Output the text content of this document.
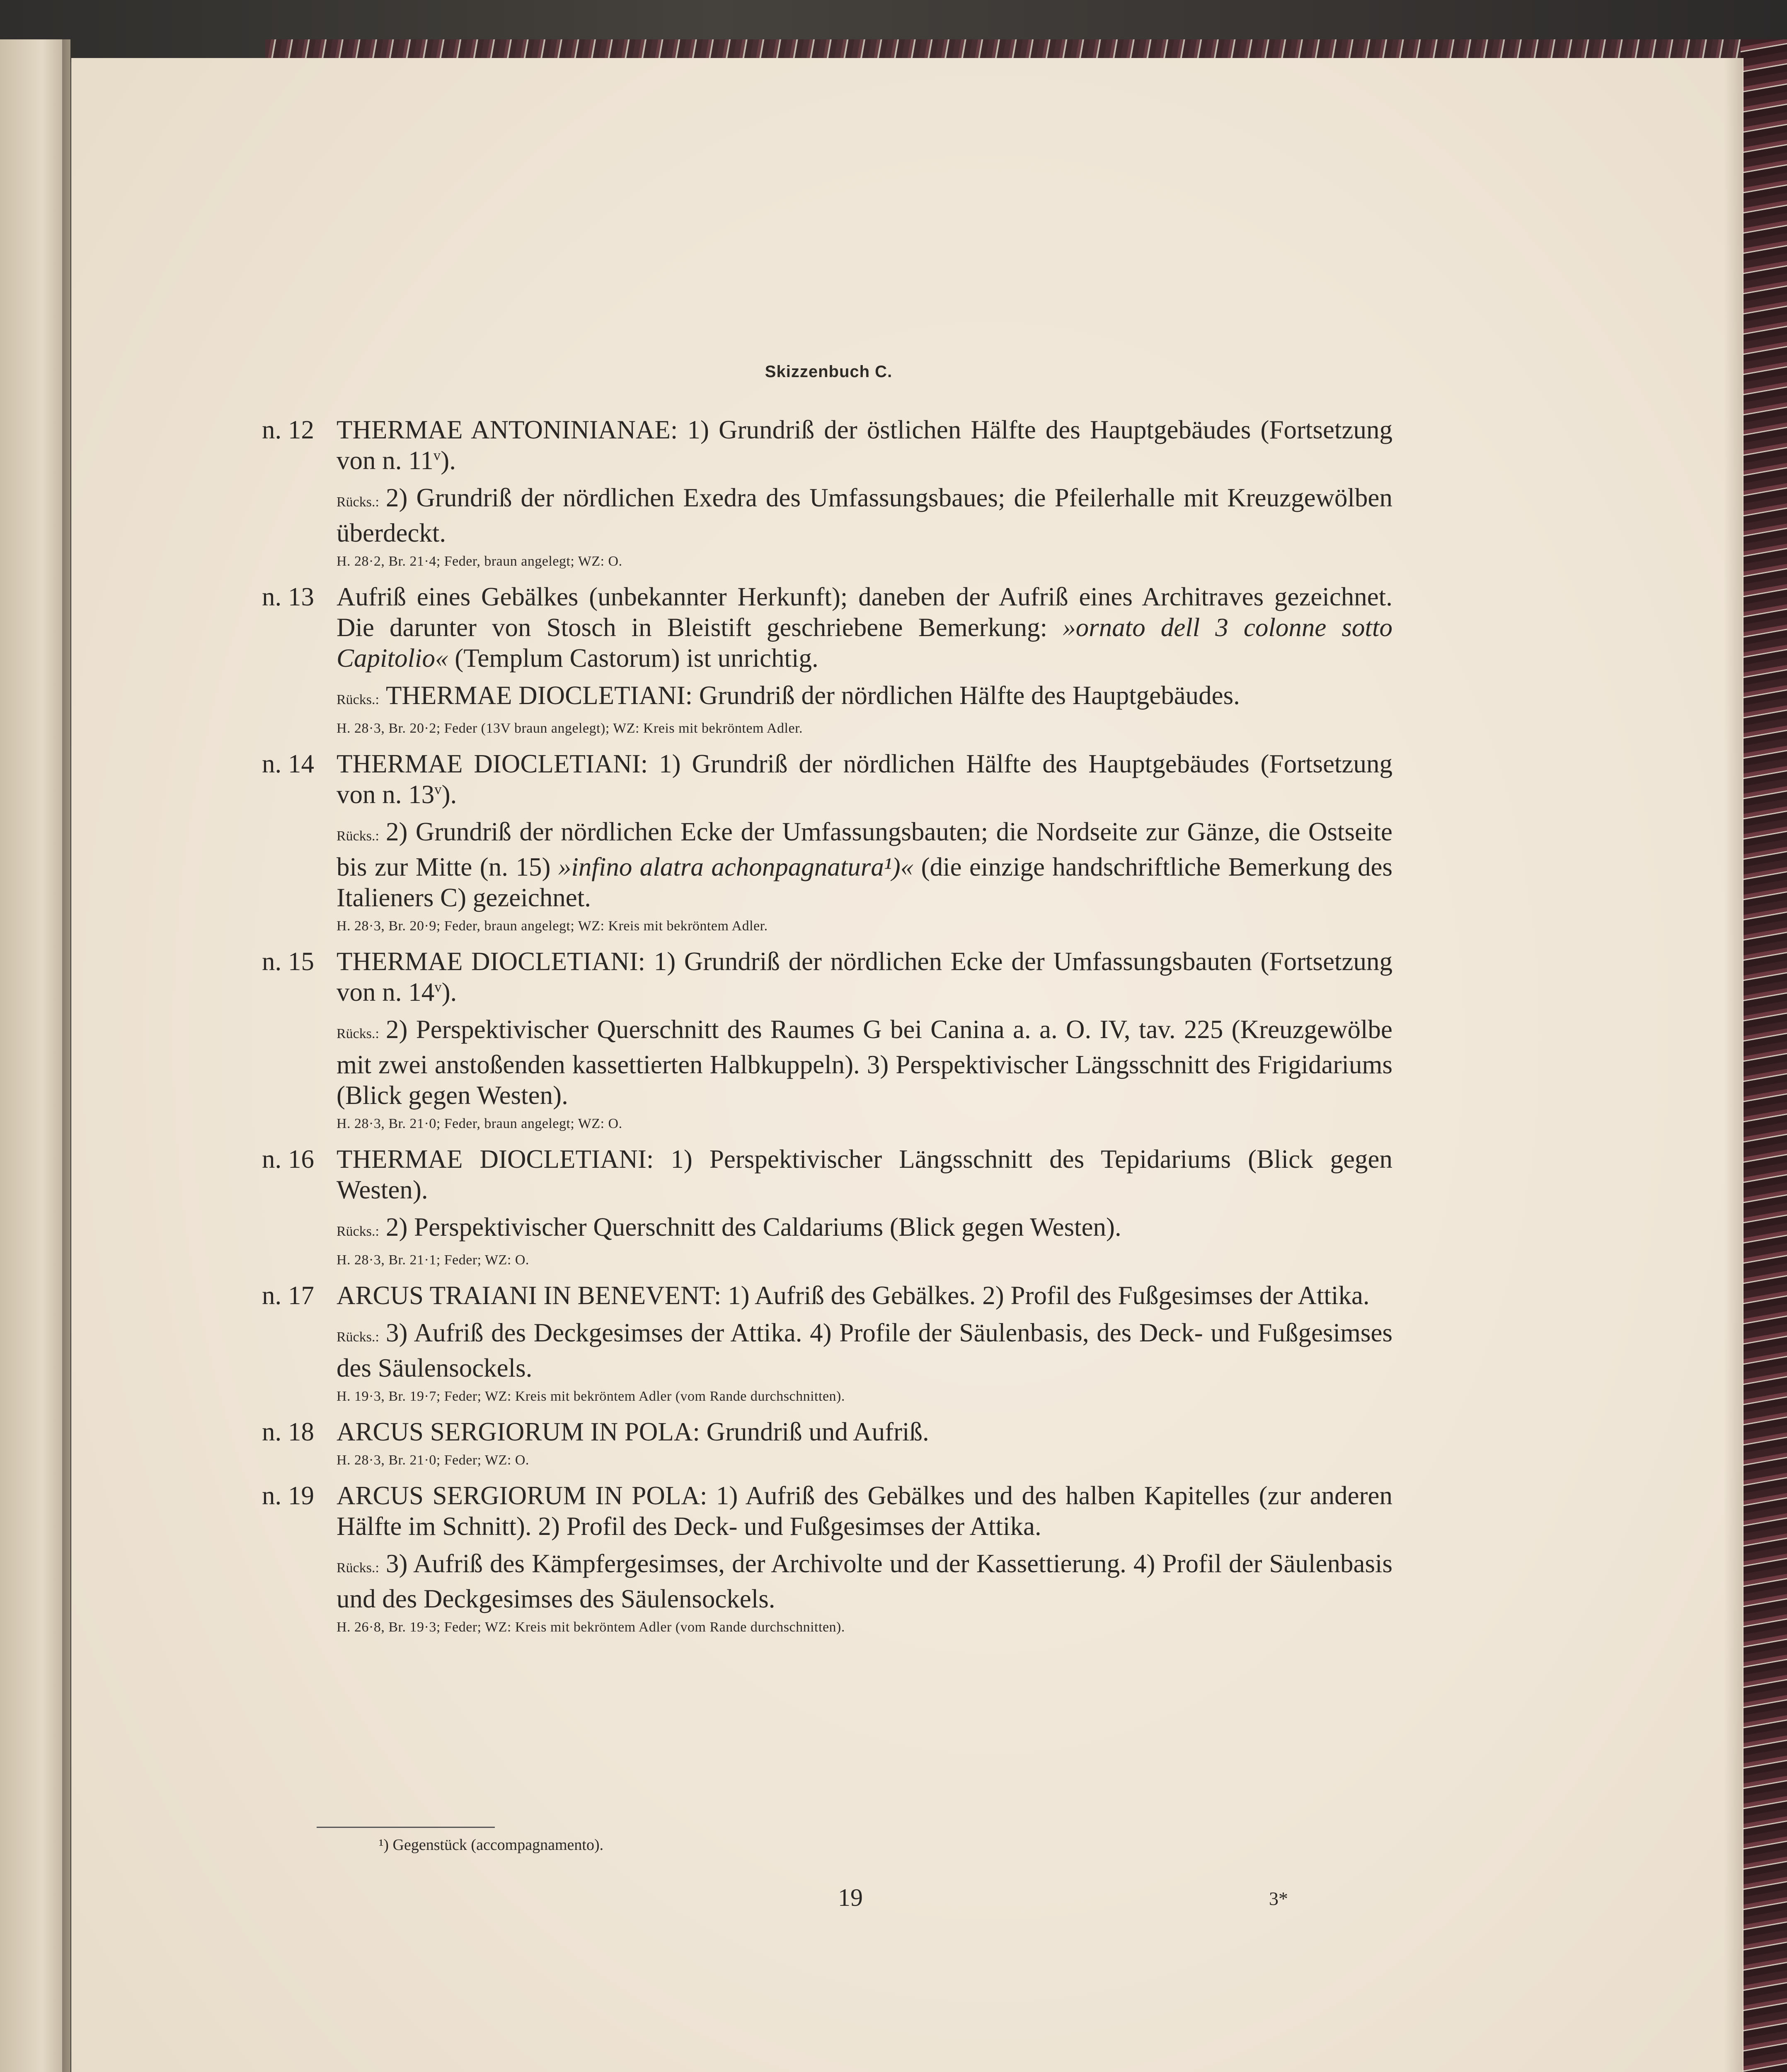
Skizzenbuch C.
n. 12 THERMAE ANTONINIANAE: 1) Grundriß der östlichen Hälfte des Hauptgebäudes (Fortsetzung von n. 11$^v$).

Rücks.: 2) Grundriß der nördlichen Exedra des Umfassungsbaues; die Pfeilerhalle mit Kreuzgewölben überdeckt.

H. 28·2, Br. 21·4; Feder, braun angelegt; WZ: O.

n. 13 Aufriß eines Gebälkes (unbekannter Herkunft); daneben der Aufriß eines Architraves gezeichnet. Die darunter von Stosch in Bleistift geschriebene Bemerkung: »ornato dell 3 colonne sotto Capitolio« (Templum Castorum) ist unrichtig.

Rücks.: THERMAE DIOCLETIANI: Grundriß der nördlichen Hälfte des Hauptgebäudes.

H. 28·3, Br. 20·2; Feder (13V braun angelegt); WZ: Kreis mit bekröntem Adler.

n. 14 THERMAE DIOCLETIANI: 1) Grundriß der nördlichen Hälfte des Hauptgebäudes (Fortsetzung von n. 13$^v$).

Rücks.: 2) Grundriß der nördlichen Ecke der Umfassungsbauten; die Nordseite zur Gänze, die Ostseite bis zur Mitte (n. 15) »infino alatra achonpagnatura¹)« (die einzige handschriftliche Bemerkung des Italieners C) gezeichnet.

H. 28·3, Br. 20·9; Feder, braun angelegt; WZ: Kreis mit bekröntem Adler.

n. 15 THERMAE DIOCLETIANI: 1) Grundriß der nördlichen Ecke der Umfassungsbauten (Fortsetzung von n. 14$^v$).

Rücks.: 2) Perspektivischer Querschnitt des Raumes G bei Canina a. a. O. IV, tav. 225 (Kreuzgewölbe mit zwei anstoßenden kassettierten Halbkuppeln). 3) Perspektivischer Längsschnitt des Frigidariums (Blick gegen Westen).

H. 28·3, Br. 21·0; Feder, braun angelegt; WZ: O.

n. 16 THERMAE DIOCLETIANI: 1) Perspektivischer Längsschnitt des Tepidariums (Blick gegen Westen).

Rücks.: 2) Perspektivischer Querschnitt des Caldariums (Blick gegen Westen).

H. 28·3, Br. 21·1; Feder; WZ: O.

n. 17 ARCUS TRAIANI IN BENEVENT: 1) Aufriß des Gebälkes. 2) Profil des Fußgesimses der Attika.

Rücks.: 3) Aufriß des Deckgesimses der Attika. 4) Profile der Säulenbasis, des Deck- und Fußgesimses des Säulensockels.

H. 19·3, Br. 19·7; Feder; WZ: Kreis mit bekröntem Adler (vom Rande durchschnitten).

n. 18 ARCUS SERGIORUM IN POLA: Grundriß und Aufriß.

H. 28·3, Br. 21·0; Feder; WZ: O.

n. 19 ARCUS SERGIORUM IN POLA: 1) Aufriß des Gebälkes und des halben Kapitelles (zur anderen Hälfte im Schnitt). 2) Profil des Deck- und Fußgesimses der Attika.

Rücks.: 3) Aufriß des Kämpfergesimses, der Archivolte und der Kassettierung. 4) Profil der Säulenbasis und des Deckgesimses des Säulensockels.

H. 26·8, Br. 19·3; Feder; WZ: Kreis mit bekröntem Adler (vom Rande durchschnitten).

¹) Gegenstück (accompagnamento).
19	3*
